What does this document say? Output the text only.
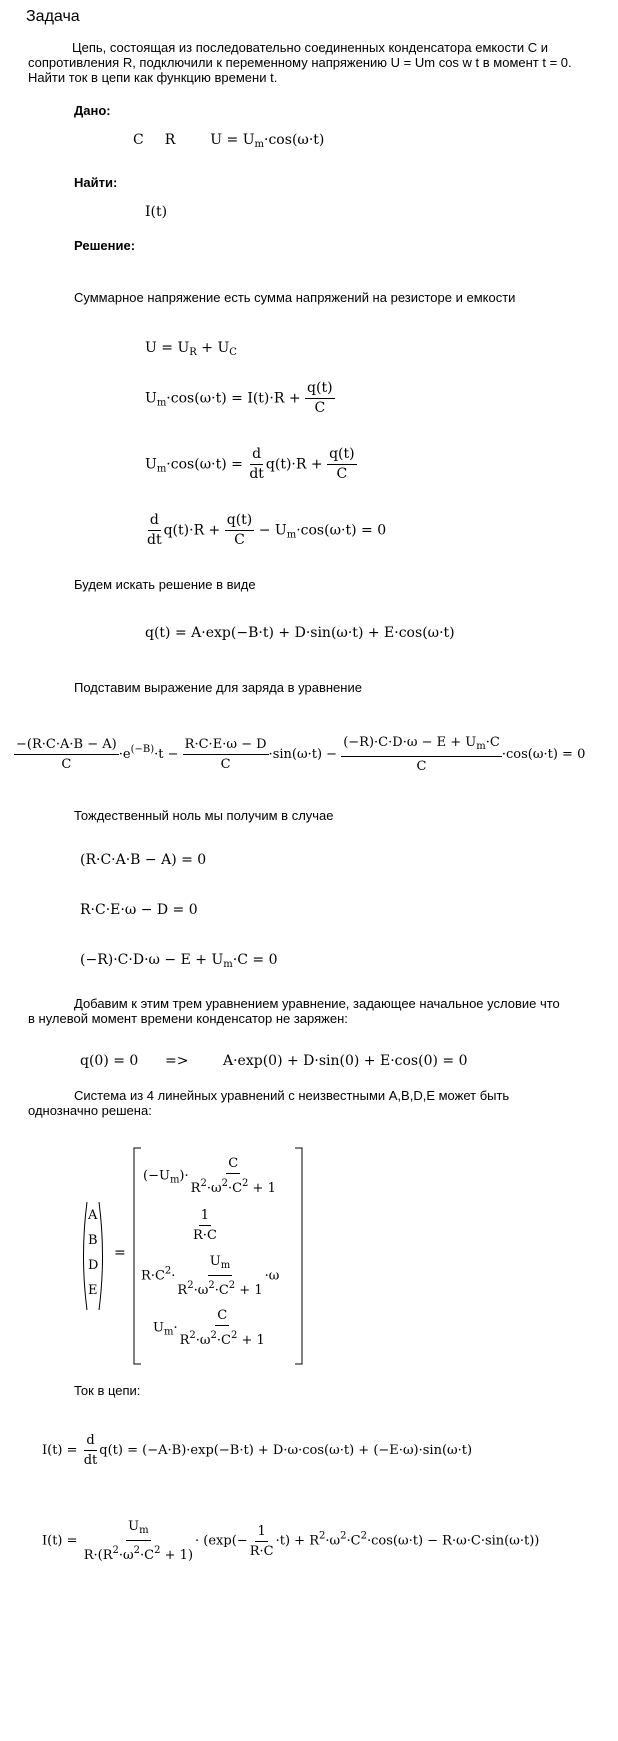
Задача
Цепь, состоящая из последовательно соединенных конденсатора емкости С и
сопротивления R, подключили к переменному напряжению U = Um cos w t в момент t = 0.
Найти ток в цепи как функцию времени t.
Дано:
C   R   	$U = U_m\cdot\cos(\omega\cdot t)$
Найти:
I(t)
Решение:
Суммарное напряжение есть сумма напряжений на резисторе и емкости
$U = U_R + U_C$
$U_m\cdot\cos(\omega\cdot t) = I(t)\cdot R + \frac{q(t)}{C}$
$U_m\cdot\cos(\omega\cdot t) = \frac{d}{dt} q(t)\cdot R + \frac{q(t)}{C}$
$\frac{d}{dt} q(t)\cdot R + \frac{q(t)}{C} - U_m\cdot\cos(\omega\cdot t) = 0$
Будем искать решение в виде
q(t) = A·exp(−B·t) + D·sin(ω·t) + E·cos(ω·t)
Подставим выражение для заряда в уравнение
$\frac{-(R\cdot C\cdot A\cdot B - A)}{C} \cdot e^{(-B)}\cdot t - \frac{R\cdot C\cdot E\cdot\omega - D}{C} \cdot\sin(\omega\cdot t) - \frac{(-R)\cdot C\cdot D\cdot\omega - E + U_m\cdot C}{C} \cdot\cos(\omega\cdot t) = 0$
Тождественный ноль мы получим в случае
(R·C·A·B − A) = 0
R·C·E·ω − D = 0
$(-R)\cdot C\cdot D\cdot\omega - E + U_m\cdot C = 0$
Добавим к этим трем уравнением уравнение, задающее начальное условие что
в нулевой момент времени конденсатор не заряжен:
q(0) = 0 => A·exp(0) + D·sin(0) + E·cos(0) = 0
Система из 4 линейных уравнений с неизвестными A,B,D,E может быть
однозначно решена:
A
B
D
E
=
$(-U_m)\cdot \frac{C}{R^2\cdot\omega^2\cdot C^2 + 1}$
$\frac{1}{R\cdot C}$
$R\cdot C^2\cdot \frac{U_m}{R^2\cdot\omega^2\cdot C^2 + 1} \cdot\omega$
$U_m\cdot \frac{C}{R^2\cdot\omega^2\cdot C^2 + 1}$
Ток в цепи:
$I(t) = \frac{d}{dt} q(t) = (-A\cdot B)\cdot\exp(-B\cdot t) + D\cdot\omega\cdot\cos(\omega\cdot t) + (-E\cdot\omega)\cdot\sin(\omega\cdot t)$
$I(t) = \frac{U_m}{R\cdot(R^2\cdot\omega^2\cdot C^2 + 1)} \cdot (\exp(- \frac{1}{R\cdot C} \cdot t) + R^2\cdot\omega^2\cdot C^2\cdot\cos(\omega\cdot t) - R\cdot\omega\cdot C\cdot\sin(\omega\cdot t))$
